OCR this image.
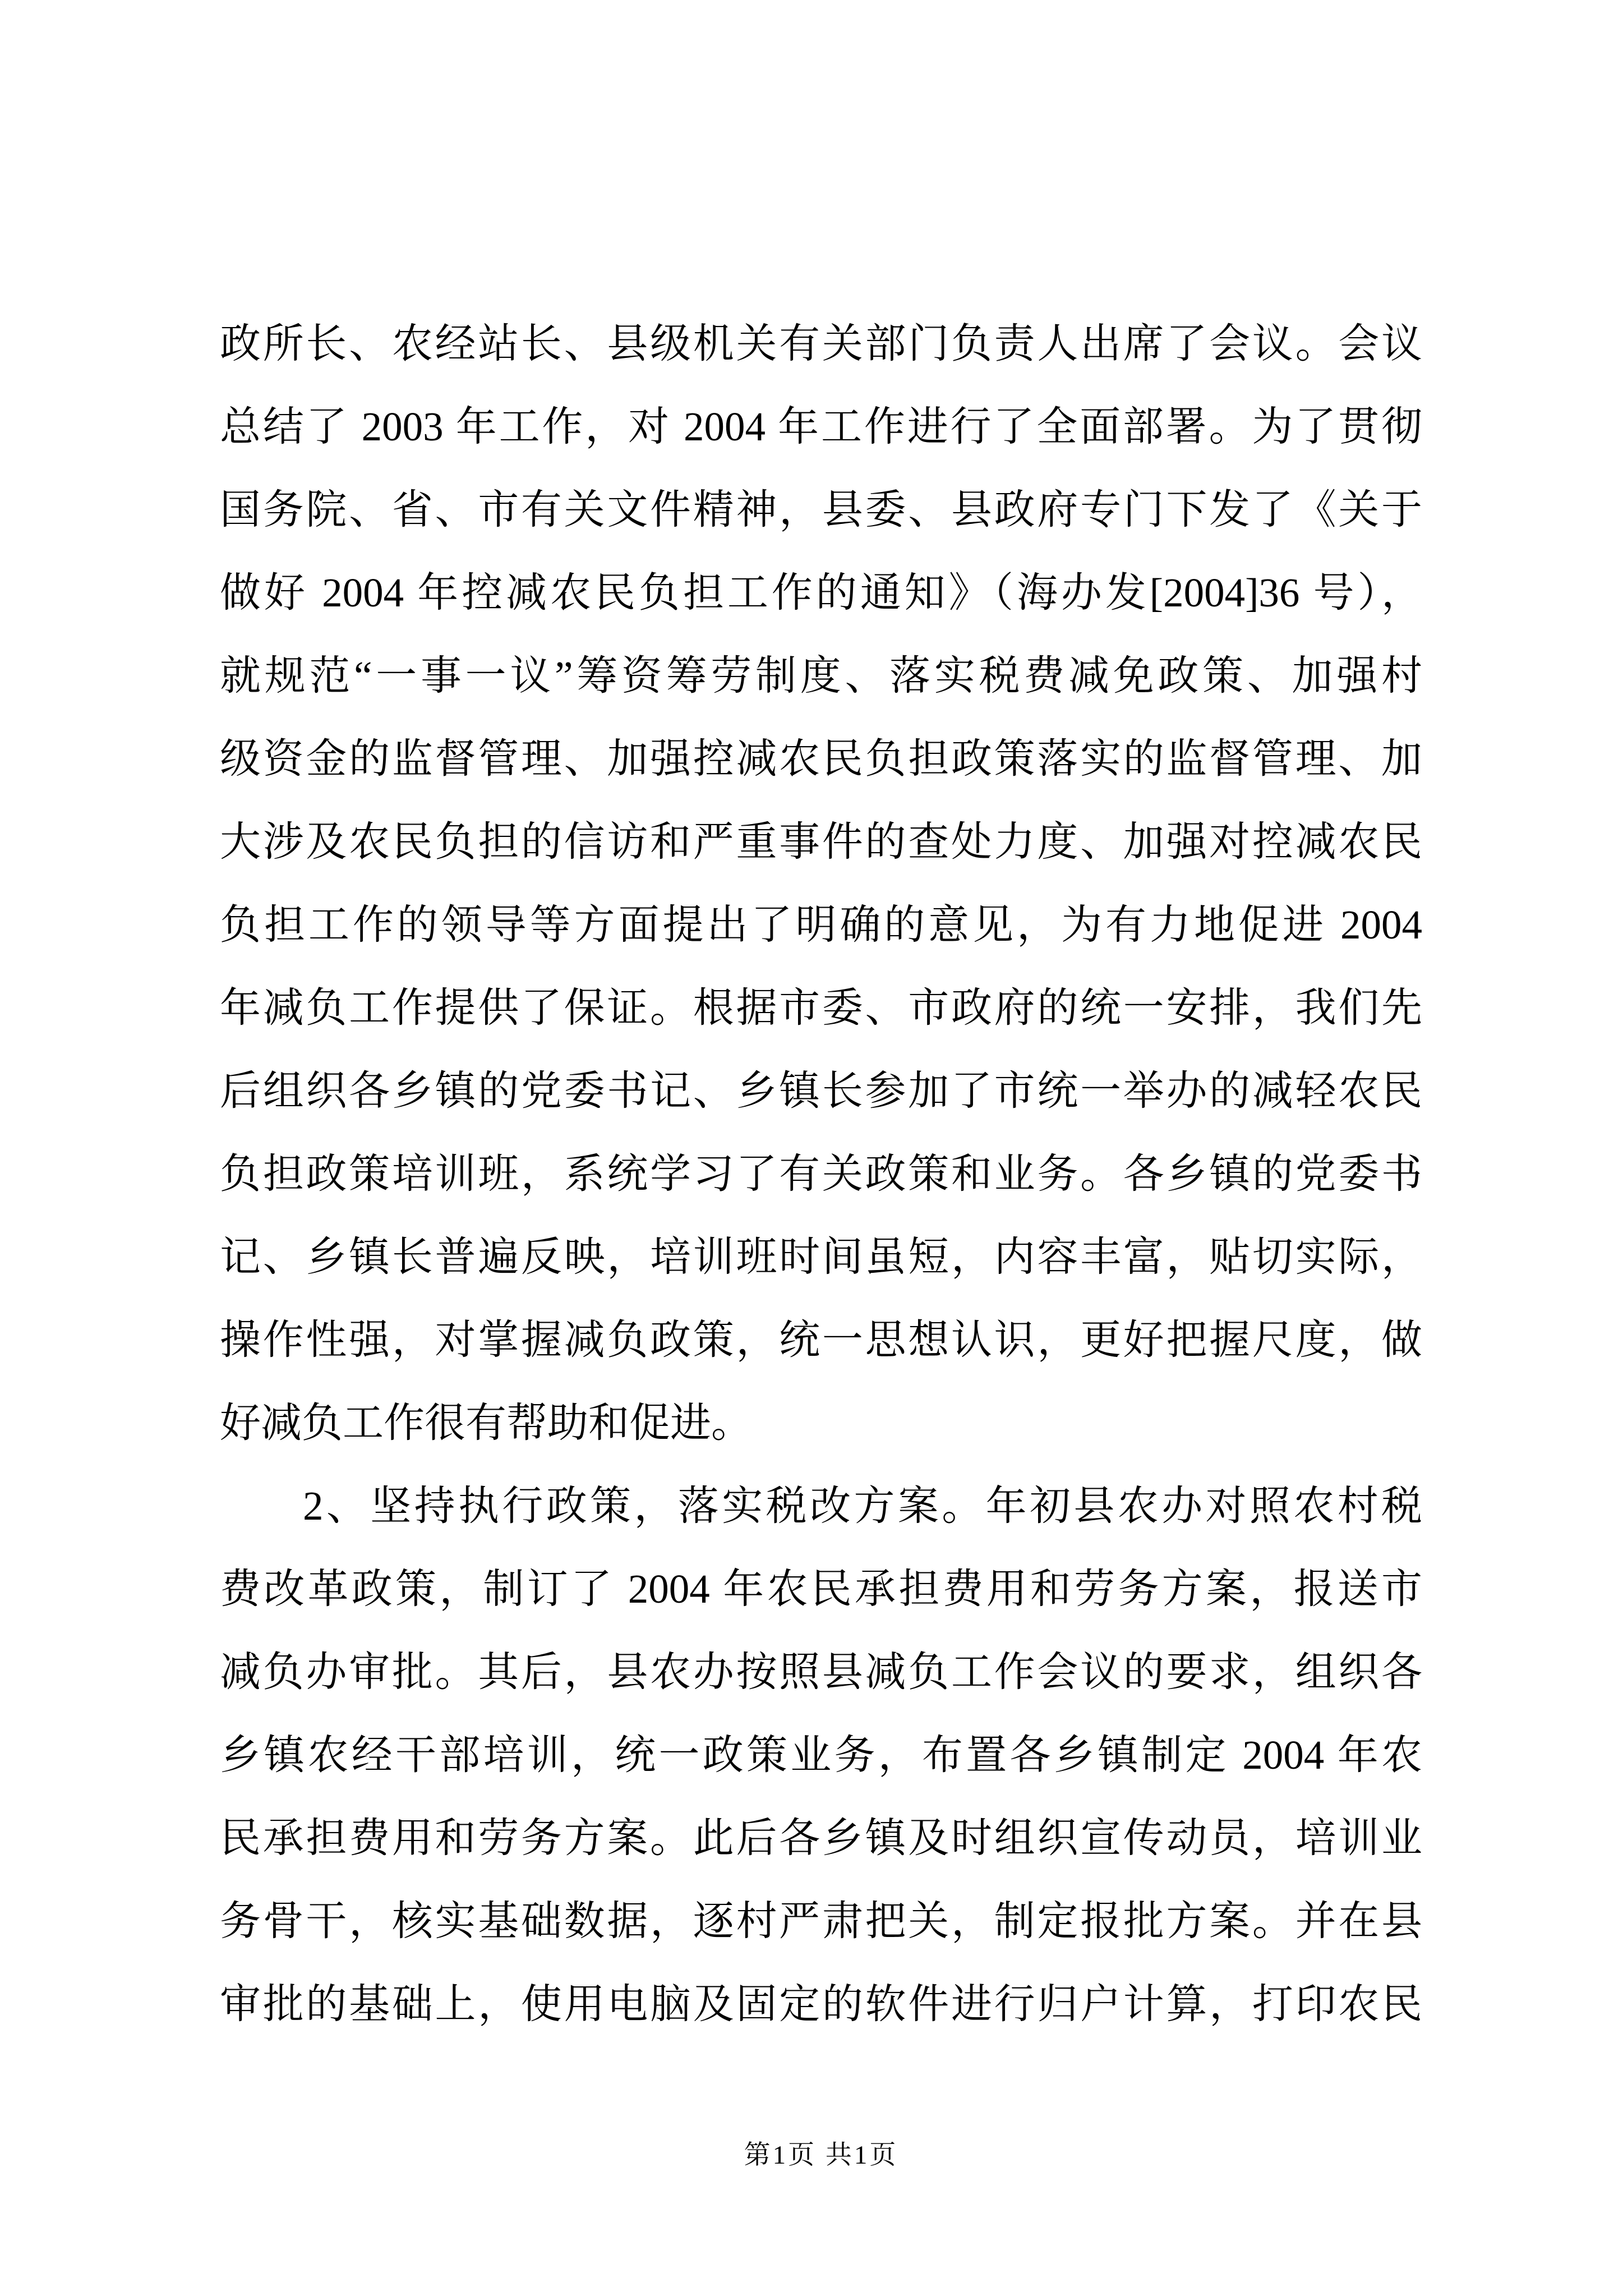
政所长、农经站长、县级机关有关部门负责人出席了会议。会议
总结了 2003 年工作，对 2004 年工作进行了全面部署。为了贯彻
国务院、省、市有关文件精神，县委、县政府专门下发了《关于
做好 2004 年控减农民负担工作的通知》（海办发[2004]36 号），
就规范“一事一议”筹资筹劳制度、落实税费减免政策、加强村
级资金的监督管理、加强控减农民负担政策落实的监督管理、加
大涉及农民负担的信访和严重事件的查处力度、加强对控减农民
负担工作的领导等方面提出了明确的意见，为有力地促进 2004
年减负工作提供了保证。根据市委、市政府的统一安排，我们先
后组织各乡镇的党委书记、乡镇长参加了市统一举办的减轻农民
负担政策培训班，系统学习了有关政策和业务。各乡镇的党委书
记、乡镇长普遍反映，培训班时间虽短，内容丰富，贴切实际，
操作性强，对掌握减负政策，统一思想认识，更好把握尺度，做
好减负工作很有帮助和促进。
2、坚持执行政策，落实税改方案。年初县农办对照农村税
费改革政策，制订了 2004 年农民承担费用和劳务方案，报送市
减负办审批。其后，县农办按照县减负工作会议的要求，组织各
乡镇农经干部培训，统一政策业务，布置各乡镇制定 2004 年农
民承担费用和劳务方案。此后各乡镇及时组织宣传动员，培训业
务骨干，核实基础数据，逐村严肃把关，制定报批方案。并在县
审批的基础上，使用电脑及固定的软件进行归户计算，打印农民
第1页 共1页
